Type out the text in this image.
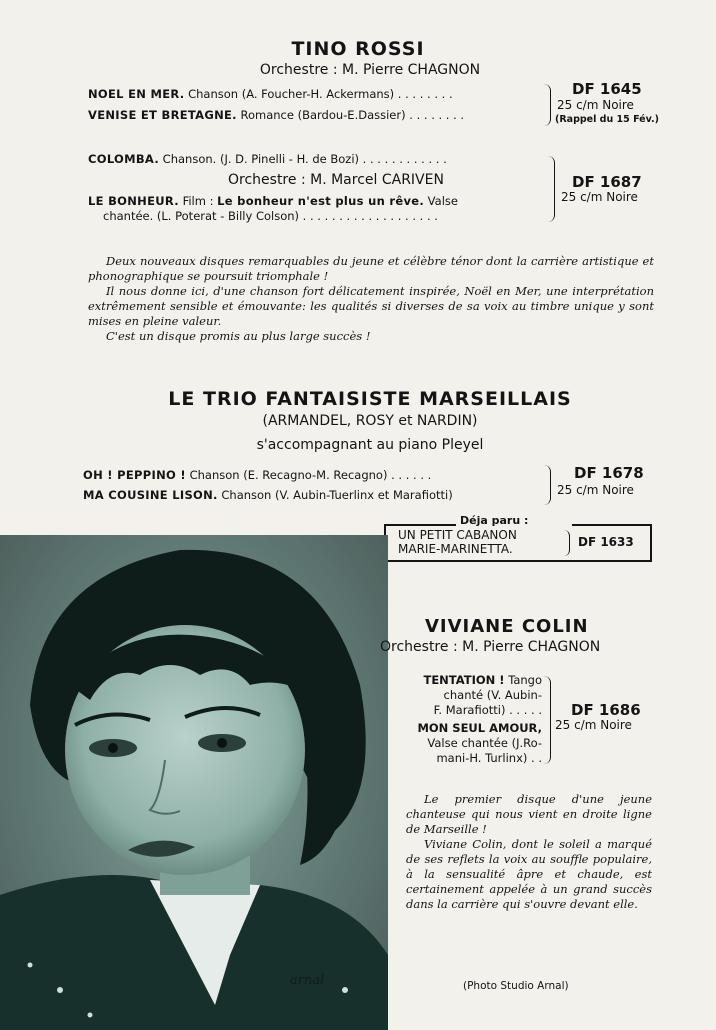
TINO ROSSI
Orchestre : M. Pierre CHAGNON
NOEL EN MER. Chanson (A. Foucher-H. Ackermans) . . . . . . . .
VENISE ET BRETAGNE. Romance (Bardou-E.Dassier) . . . . . . . .
DF 1645
25 c/m Noire
(Rappel du 15 Fév.)
COLOMBA. Chanson. (J. D. Pinelli - H. de Bozi) . . . . . . . . . . . .
Orchestre : M. Marcel CARIVEN
LE BONHEUR. Film : Le bonheur n'est plus un rêve. Valse
chantée. (L. Poterat - Billy Colson) . . . . . . . . . . . . . . . . . . .
DF 1687
25 c/m Noire

Deux nouveaux disques remarquables du jeune et célèbre ténor dont la carrière artistique et phonographique se poursuit triomphale !

Il nous donne ici, d'une chanson fort délicatement inspirée, Noël en Mer, une interprétation extrêmement sensible et émouvante: les qualités si diverses de sa voix au timbre unique y sont mises en pleine valeur.

C'est un disque promis au plus large succès !

LE TRIO FANTAISISTE MARSEILLAIS
(ARMANDEL, ROSY et NARDIN)
s'accompagnant au piano Pleyel
OH ! PEPPINO ! Chanson (E. Recagno-M. Recagno) . . . . . .
MA COUSINE LISON. Chanson (V. Aubin-Tuerlinx et Marafiotti)
DF 1678
25 c/m Noire
Déja paru :
UN PETIT CABANON
MARIE-MARINETTA.	DF 1633
arnal
VIVIANE COLIN
Orchestre : M. Pierre CHAGNON
TENTATION ! Tango
chanté (V. Aubin-
F. Marafiotti) . . . . .
MON SEUL AMOUR,
Valse chantée (J.Ro-
mani-H. Turlinx) . .
DF 1686
25 c/m Noire

Le premier disque d'une jeune chanteuse qui nous vient en droite ligne de Marseille !

Viviane Colin, dont le soleil a marqué de ses reflets la voix au souffle populaire, à la sensualité âpre et chaude, est certainement appelée à un grand succès dans la carrière qui s'ouvre devant elle.

(Photo Studio Arnal)
